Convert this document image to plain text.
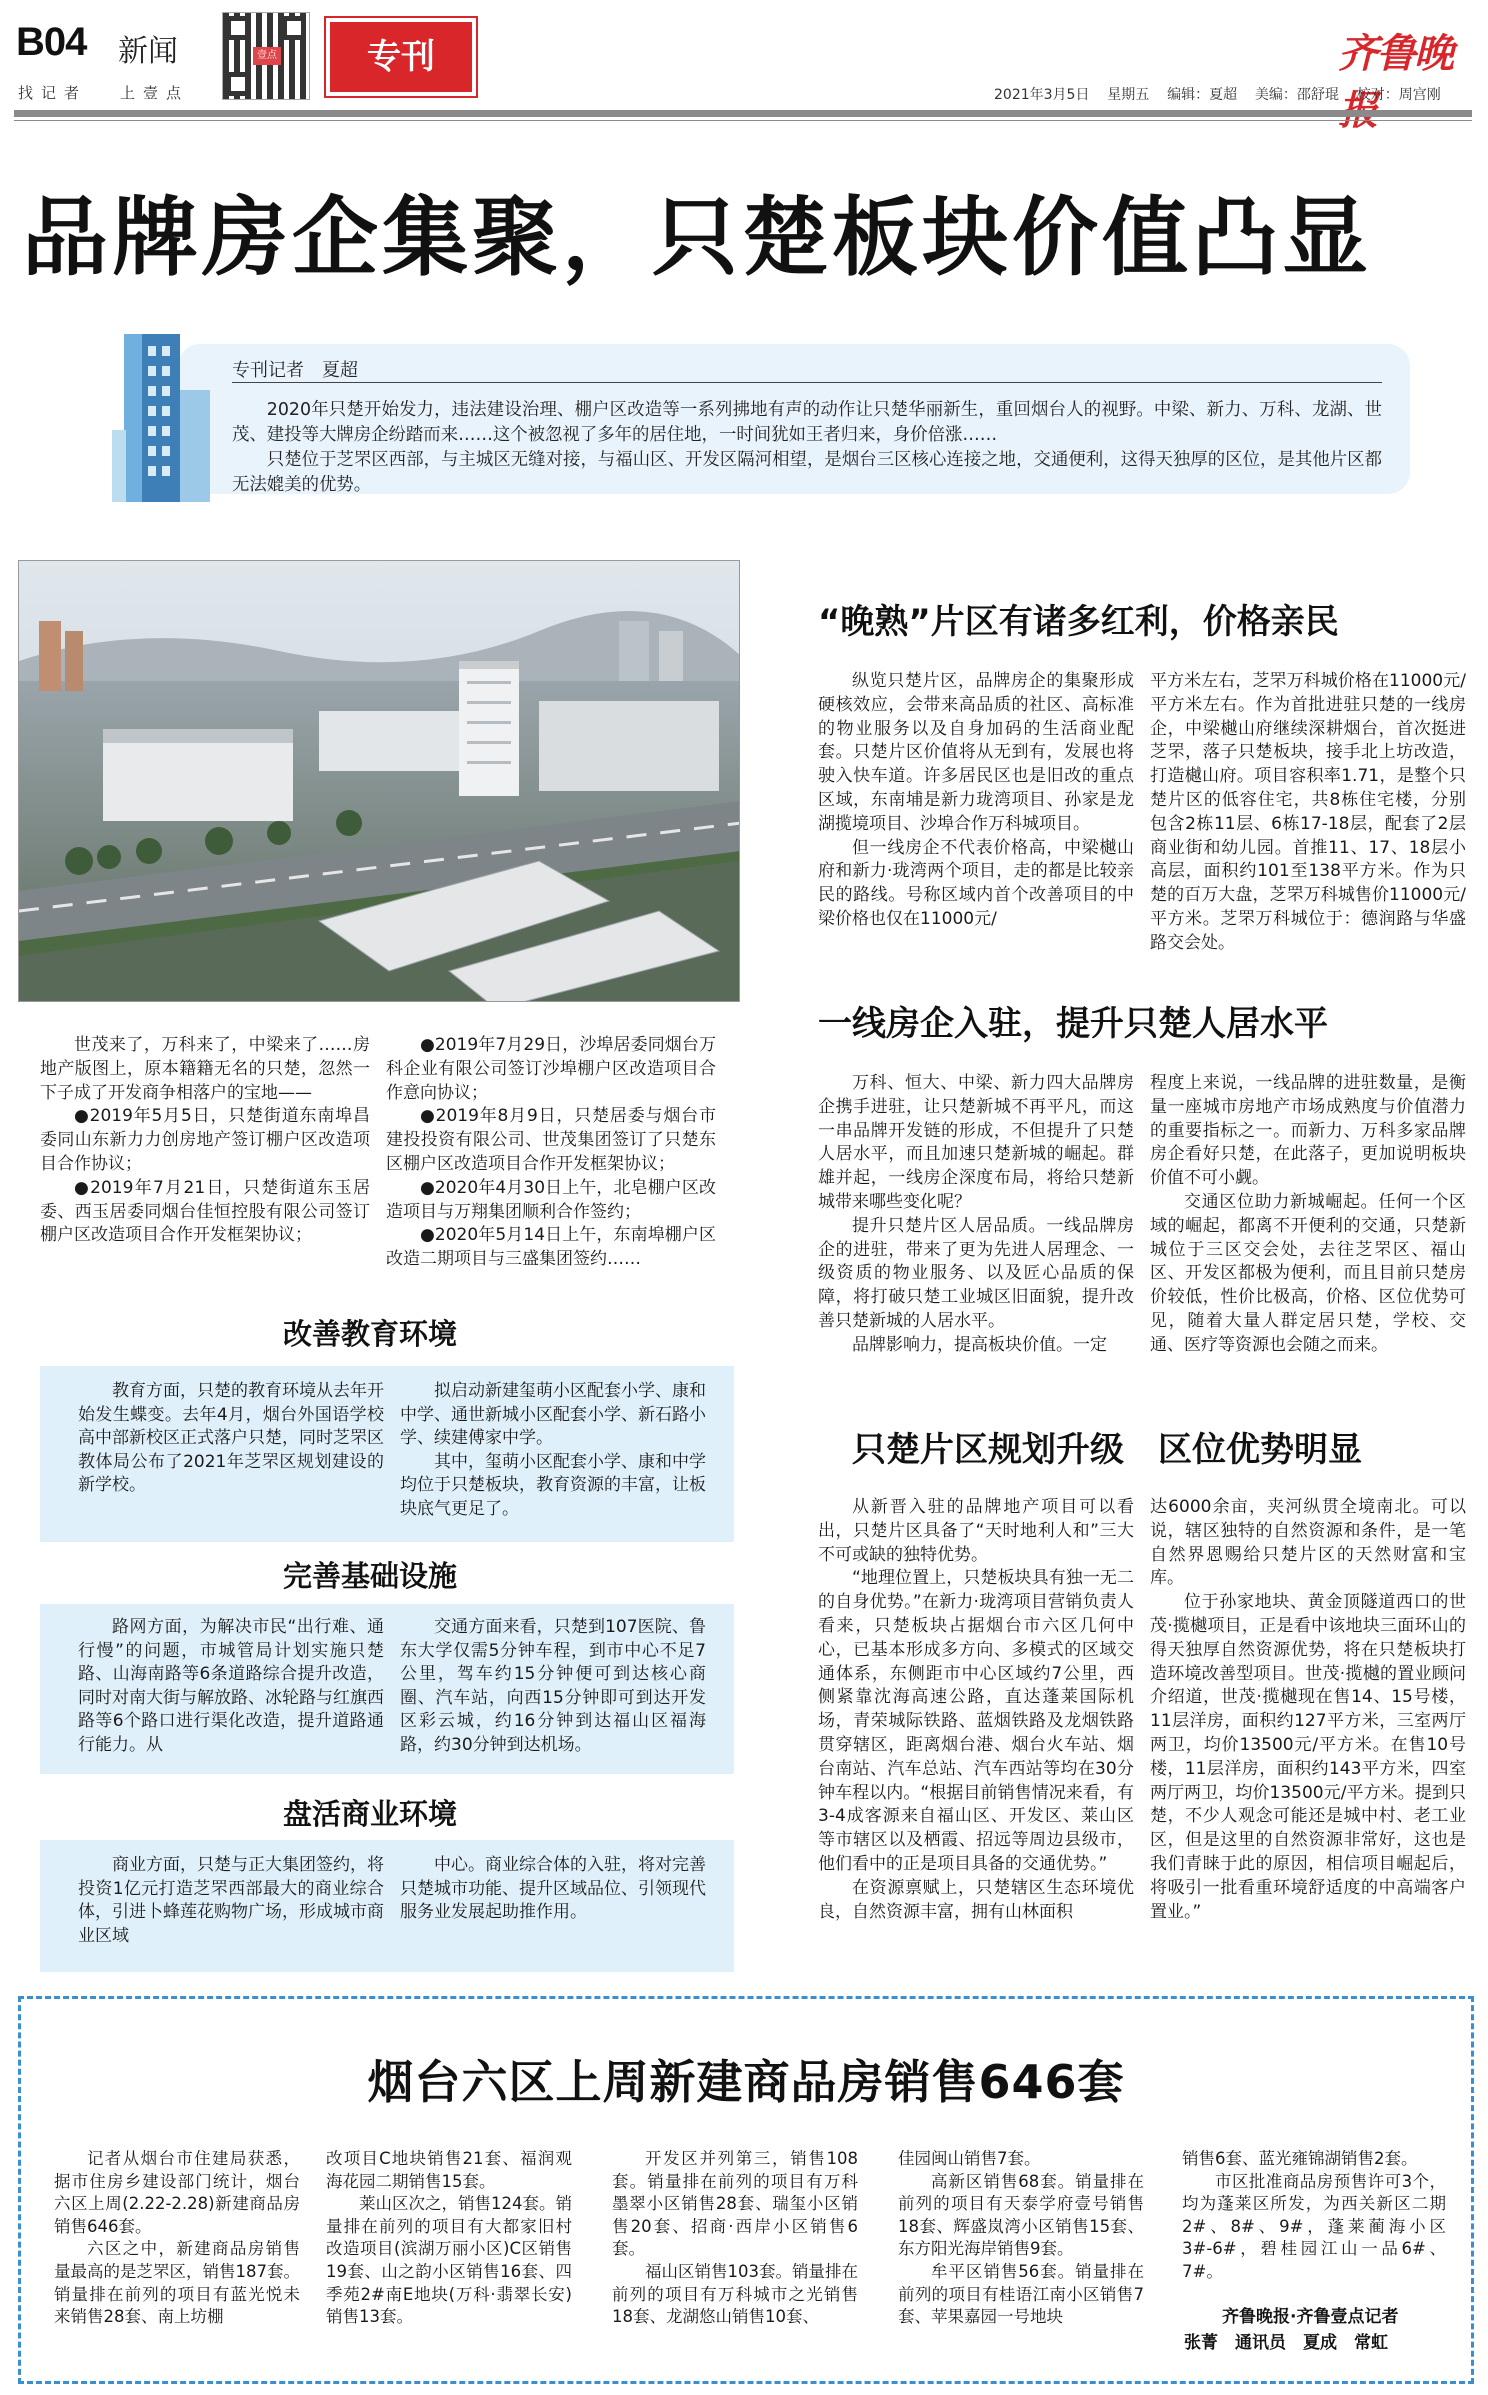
B04 新闻
找记者 上壹点
壹点	专刊	齐鲁晚
2021年3月5日 星期五 编辑：夏超 美编：邵舒琨 校对：周宫刚
品牌房企集聚，只楚板块价值凸显
专刊记者　夏超

2020年只楚开始发力，违法建设治理、棚户区改造等一系列拂地有声的动作让只楚华丽新生，重回烟台人的视野。中梁、新力、万科、龙湖、世茂、建投等大牌房企纷踏而来……这个被忽视了多年的居住地，一时间犹如王者归来，身价倍涨……

只楚位于芝罘区西部，与主城区无缝对接，与福山区、开发区隔河相望，是烟台三区核心连接之地，交通便利，这得天独厚的区位，是其他片区都无法媲美的优势。

世茂来了，万科来了，中梁来了……房地产版图上，原本籍籍无名的只楚，忽然一下子成了开发商争相落户的宝地——

●2019年5月5日，只楚街道东南埠昌委同山东新力力创房地产签订棚户区改造项目合作协议；

●2019年7月21日，只楚街道东玉居委、西玉居委同烟台佳恒控股有限公司签订棚户区改造项目合作开发框架协议；

●2019年7月29日，沙埠居委同烟台万科企业有限公司签订沙埠棚户区改造项目合作意向协议；

●2019年8月9日，只楚居委与烟台市建投投资有限公司、世茂集团签订了只楚东区棚户区改造项目合作开发框架协议；

●2020年4月30日上午，北皂棚户区改造项目与万翔集团顺利合作签约；

●2020年5月14日上午，东南埠棚户区改造二期项目与三盛集团签约……

改善教育环境

教育方面，只楚的教育环境从去年开始发生蝶变。去年4月，烟台外国语学校高中部新校区正式落户只楚，同时芝罘区教体局公布了2021年芝罘区规划建设的新学校。

拟启动新建玺萌小区配套小学、康和中学、通世新城小区配套小学、新石路小学、续建傅家中学。

其中，玺萌小区配套小学、康和中学均位于只楚板块，教育资源的丰富，让板块底气更足了。

完善基础设施

路网方面，为解决市民“出行难、通行慢”的问题，市城管局计划实施只楚路、山海南路等6条道路综合提升改造，同时对南大街与解放路、冰轮路与红旗西路等6个路口进行渠化改造，提升道路通行能力。从

交通方面来看，只楚到107医院、鲁东大学仅需5分钟车程，到市中心不足7公里，驾车约15分钟便可到达核心商圈、汽车站，向西15分钟即可到达开发区彩云城，约16分钟到达福山区福海路，约30分钟到达机场。

盘活商业环境

商业方面，只楚与正大集团签约，将投资1亿元打造芝罘西部最大的商业综合体，引进卜蜂莲花购物广场，形成城市商业区域

中心。商业综合体的入驻，将对完善只楚城市功能、提升区域品位、引领现代服务业发展起助推作用。

“晚熟”片区有诸多红利，价格亲民

纵览只楚片区，品牌房企的集聚形成硬核效应，会带来高品质的社区、高标准的物业服务以及自身加码的生活商业配套。只楚片区价值将从无到有，发展也将驶入快车道。许多居民区也是旧改的重点区域，东南埔是新力珑湾项目、孙家是龙湖揽境项目、沙埠合作万科城项目。

但一线房企不代表价格高，中梁樾山府和新力·珑湾两个项目，走的都是比较亲民的路线。号称区域内首个改善项目的中梁价格也仅在11000元/

平方米左右，芝罘万科城价格在11000元/平方米左右。作为首批进驻只楚的一线房企，中梁樾山府继续深耕烟台，首次挺进芝罘，落子只楚板块，接手北上坊改造，打造樾山府。项目容积率1.71，是整个只楚片区的低容住宅，共8栋住宅楼，分别包含2栋11层、6栋17-18层，配套了2层商业街和幼儿园。首推11、17、18层小高层，面积约101至138平方米。作为只楚的百万大盘，芝罘万科城售价11000元/平方米。芝罘万科城位于：德润路与华盛路交会处。

一线房企入驻，提升只楚人居水平

万科、恒大、中梁、新力四大品牌房企携手进驻，让只楚新城不再平凡，而这一串品牌开发链的形成，不但提升了只楚人居水平，而且加速只楚新城的崛起。群雄并起，一线房企深度布局，将给只楚新城带来哪些变化呢？

提升只楚片区人居品质。一线品牌房企的进驻，带来了更为先进人居理念、一级资质的物业服务、以及匠心品质的保障，将打破只楚工业城区旧面貌，提升改善只楚新城的人居水平。

品牌影响力，提高板块价值。一定

程度上来说，一线品牌的进驻数量，是衡量一座城市房地产市场成熟度与价值潜力的重要指标之一。而新力、万科多家品牌房企看好只楚，在此落子，更加说明板块价值不可小觑。

交通区位助力新城崛起。任何一个区域的崛起，都离不开便利的交通，只楚新城位于三区交会处，去往芝罘区、福山区、开发区都极为便利，而且目前只楚房价较低，性价比极高，价格、区位优势可见，随着大量人群定居只楚，学校、交通、医疗等资源也会随之而来。

只楚片区规划升级　区位优势明显

从新晋入驻的品牌地产项目可以看出，只楚片区具备了“天时地利人和”三大不可或缺的独特优势。

“地理位置上，只楚板块具有独一无二的自身优势。”在新力·珑湾项目营销负责人看来，只楚板块占据烟台市六区几何中心，已基本形成多方向、多模式的区域交通体系，东侧距市中心区域约7公里，西侧紧靠沈海高速公路，直达蓬莱国际机场，青荣城际铁路、蓝烟铁路及龙烟铁路贯穿辖区，距离烟台港、烟台火车站、烟台南站、汽车总站、汽车西站等均在30分钟车程以内。“根据目前销售情况来看，有3-4成客源来自福山区、开发区、莱山区等市辖区以及栖霞、招远等周边县级市，他们看中的正是项目具备的交通优势。”

在资源禀赋上，只楚辖区生态环境优良，自然资源丰富，拥有山林面积

达6000余亩，夹河纵贯全境南北。可以说，辖区独特的自然资源和条件，是一笔自然界恩赐给只楚片区的天然财富和宝库。

位于孙家地块、黄金顶隧道西口的世茂·揽樾项目，正是看中该地块三面环山的得天独厚自然资源优势，将在只楚板块打造环境改善型项目。世茂·揽樾的置业顾问介绍道，世茂·揽樾现在售14、15号楼，11层洋房，面积约127平方米，三室两厅两卫，均价13500元/平方米。在售10号楼，11层洋房，面积约143平方米，四室两厅两卫，均价13500元/平方米。提到只楚，不少人观念可能还是城中村、老工业区，但是这里的自然资源非常好，这也是我们青睐于此的原因，相信项目崛起后，将吸引一批看重环境舒适度的中高端客户置业。”

烟台六区上周新建商品房销售646套

记者从烟台市住建局获悉，据市住房乡建设部门统计，烟台六区上周(2.22-2.28)新建商品房销售646套。

六区之中，新建商品房销售量最高的是芝罘区，销售187套。销量排在前列的项目有蓝光悦未来销售28套、南上坊棚

改项目C地块销售21套、福润观海花园二期销售15套。

莱山区次之，销售124套。销量排在前列的项目有大都家旧村改造项目(滨湖万丽小区)C区销售19套、山之韵小区销售16套、四季苑2#南E地块(万科·翡翠长安)销售13套。

开发区并列第三，销售108套。销量排在前列的项目有万科墨翠小区销售28套、瑞玺小区销售20套、招商·西岸小区销售6套。

福山区销售103套。销量排在前列的项目有万科城市之光销售18套、龙湖悠山销售10套、

佳园闽山销售7套。

高新区销售68套。销量排在前列的项目有天泰学府壹号销售18套、辉盛岚湾小区销售15套、东方阳光海岸销售9套。

牟平区销售56套。销量排在前列的项目有桂语江南小区销售7套、苹果嘉园一号地块

销售6套、蓝光雍锦湖销售2套。

市区批准商品房预售许可3个，均为蓬莱区所发，为西关新区二期2#、8#、9#，蓬莱蔺海小区3#-6#，碧桂园江山一品6#、7#。

齐鲁晚报·齐鲁壹点记者
张菁　通讯员　夏成　常虹
